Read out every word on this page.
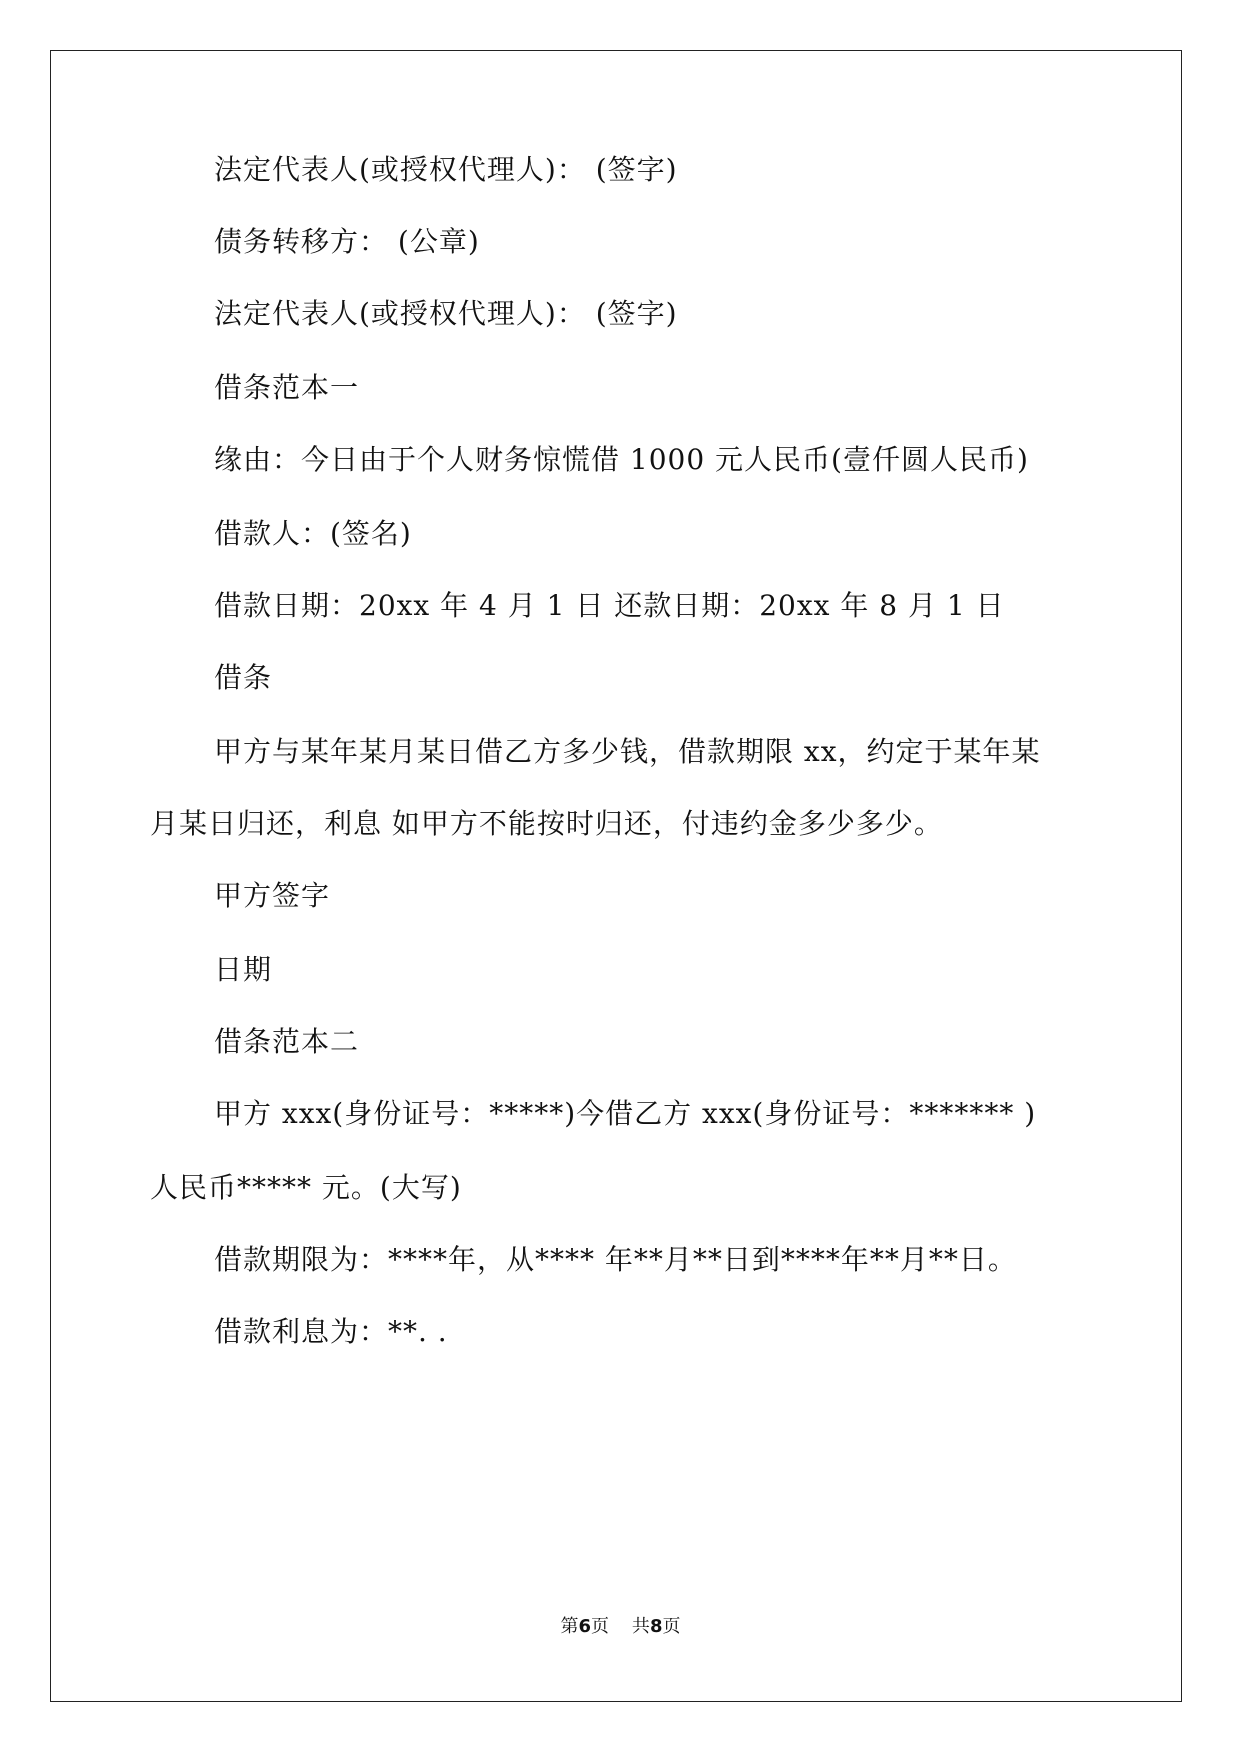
法定代表人(或授权代理人)： (签字)
债务转移方： (公章)
法定代表人(或授权代理人)： (签字)
借条范本一
缘由：今日由于个人财务惊慌借 1000 元人民币(壹仟圆人民币)
借款人：(签名)
借款日期：20xx 年 4 月 1 日 还款日期：20xx 年 8 月 1 日
借条
甲方与某年某月某日借乙方多少钱，借款期限 xx，约定于某年某
月某日归还，利息 如甲方不能按时归还，付违约金多少多少。
甲方签字
日期
借条范本二
甲方 xxx(身份证号：*****)今借乙方 xxx(身份证号：******* )
人民币***** 元。(大写)
借款期限为：****年，从**** 年**月**日到****年**月**日。
借款利息为：**. .
第6页    共8页
